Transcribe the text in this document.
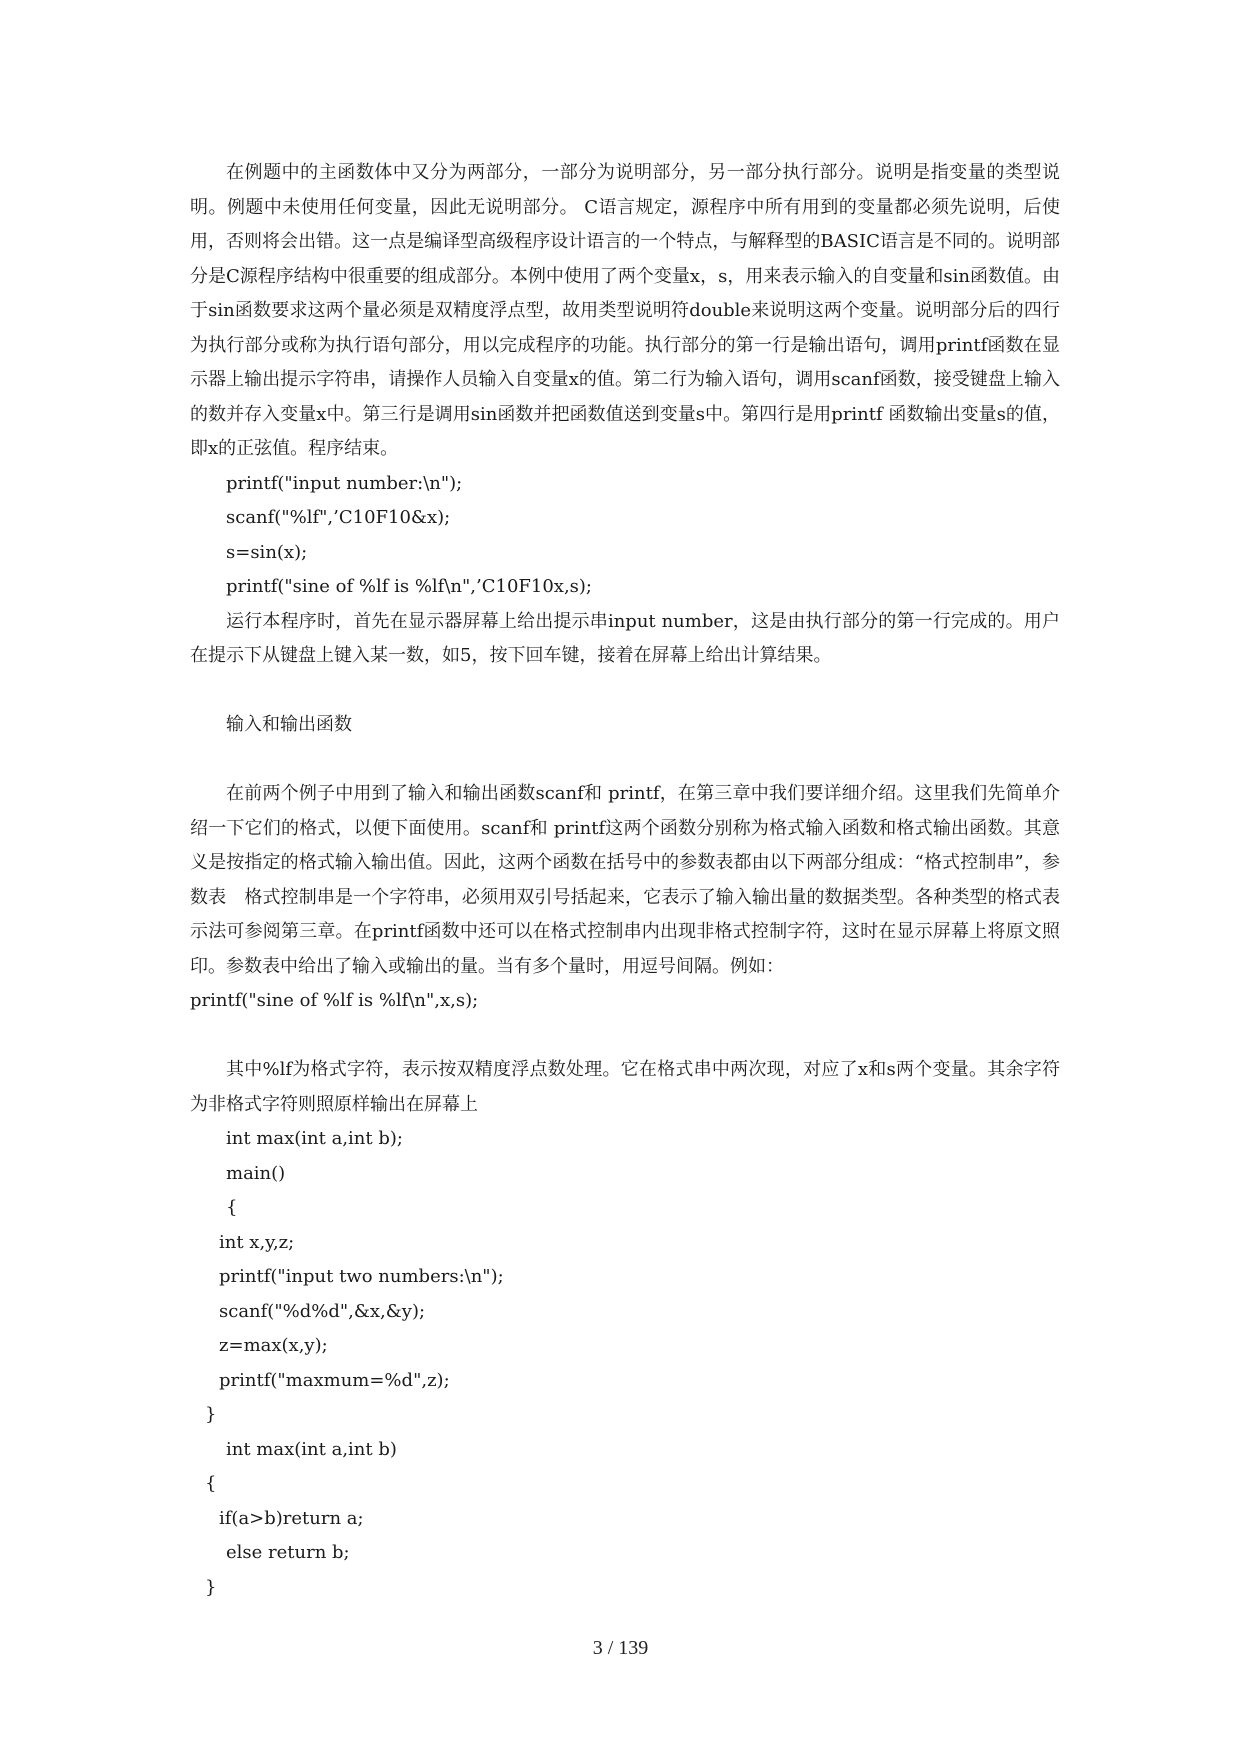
在例题中的主函数体中又分为两部分，一部分为说明部分，另一部分执行部分。说明是指变量的类型说明。例题中未使用任何变量，因此无说明部分。 C语言规定，源程序中所有用到的变量都必须先说明，后使用，否则将会出错。这一点是编译型高级程序设计语言的一个特点，与解释型的BASIC语言是不同的。说明部分是C源程序结构中很重要的组成部分。本例中使用了两个变量x，s，用来表示输入的自变量和sin函数值。由于sin函数要求这两个量必须是双精度浮点型，故用类型说明符double来说明这两个变量。说明部分后的四行为执行部分或称为执行语句部分，用以完成程序的功能。执行部分的第一行是输出语句，调用printf函数在显示器上输出提示字符串，请操作人员输入自变量x的值。第二行为输入语句，调用scanf函数，接受键盘上输入的数并存入变量x中。第三行是调用sin函数并把函数值送到变量s中。第四行是用printf 函数输出变量s的值，即x的正弦值。程序结束。

printf("input number:\n");

scanf("%lf",’C10F10&x);

s=sin(x);

printf("sine of %lf is %lf\n",’C10F10x,s);

运行本程序时，首先在显示器屏幕上给出提示串input number，这是由执行部分的第一行完成的。用户在提示下从键盘上键入某一数，如5，按下回车键，接着在屏幕上给出计算结果。

输入和输出函数

在前两个例子中用到了输入和输出函数scanf和 printf，在第三章中我们要详细介绍。这里我们先简单介绍一下它们的格式，以便下面使用。scanf和 printf这两个函数分别称为格式输入函数和格式输出函数。其意义是按指定的格式输入输出值。因此，这两个函数在括号中的参数表都由以下两部分组成：“格式控制串”，参数表　格式控制串是一个字符串，必须用双引号括起来，它表示了输入输出量的数据类型。各种类型的格式表示法可参阅第三章。在printf函数中还可以在格式控制串内出现非格式控制字符，这时在显示屏幕上将原文照印。参数表中给出了输入或输出的量。当有多个量时，用逗号间隔。例如：

printf("sine of %lf is %lf\n",x,s);

其中%lf为格式字符，表示按双精度浮点数处理。它在格式串中两次现，对应了x和s两个变量。其余字符为非格式字符则照原样输出在屏幕上

int max(int a,int b);

main()

{

int x,y,z;

printf("input two numbers:\n");

scanf("%d%d",&x,&y);

z=max(x,y);

printf("maxmum=%d",z);

}

int max(int a,int b)

{

if(a>b)return a;

else return b;

}

3 / 139
